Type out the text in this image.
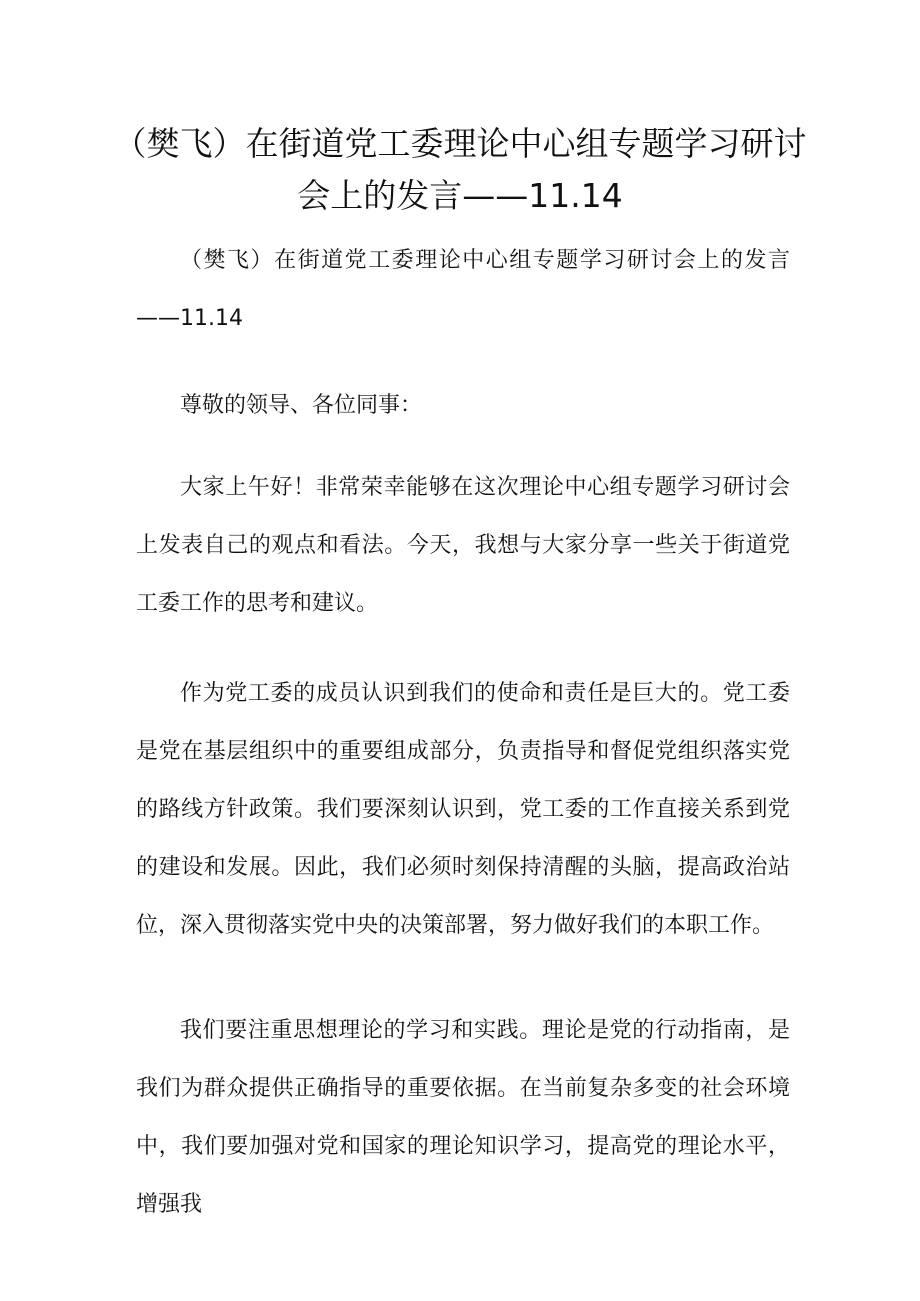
（樊飞）在街道党工委理论中心组专题学习研讨会上的发言——11.14

（樊飞）在街道党工委理论中心组专题学习研讨会上的发言——11.14

尊敬的领导、各位同事：

大家上午好！非常荣幸能够在这次理论中心组专题学习研讨会上发表自己的观点和看法。今天，我想与大家分享一些关于街道党工委工作的思考和建议。

作为党工委的成员认识到我们的使命和责任是巨大的。党工委是党在基层组织中的重要组成部分，负责指导和督促党组织落实党的路线方针政策。我们要深刻认识到，党工委的工作直接关系到党的建设和发展。因此，我们必须时刻保持清醒的头脑，提高政治站位，深入贯彻落实党中央的决策部署，努力做好我们的本职工作。

我们要注重思想理论的学习和实践。理论是党的行动指南，是我们为群众提供正确指导的重要依据。在当前复杂多变的社会环境中，我们要加强对党和国家的理论知识学习，提高党的理论水平，增强我
